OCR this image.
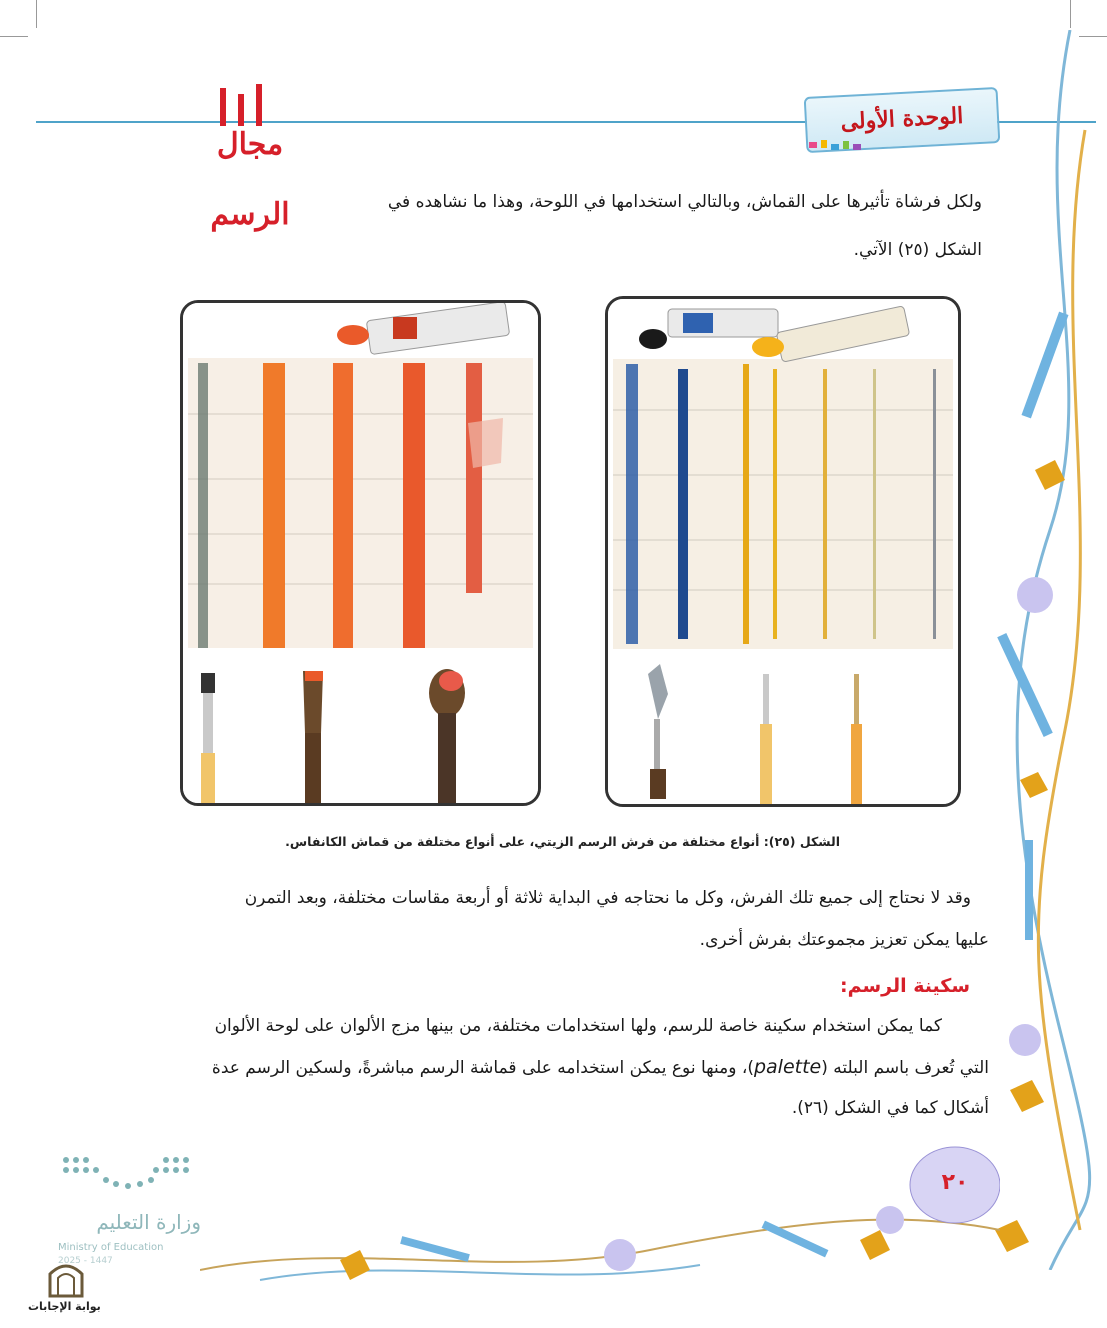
مجال الرسم
الوحدة الأولى
ولكل فرشاة تأثيرها على القماش، وبالتالي استخدامها في اللوحة، وهذا ما نشاهده في
الشكل (٢٥) الآتي.
الشكل (٢٥): أنواع مختلفة من فرش الرسم الزيتي، على أنواع مختلفة من قماش الكانفاس.
وقد لا نحتاج إلى جميع تلك الفرش، وكل ما نحتاجه في البداية ثلاثة أو أربعة مقاسات مختلفة، وبعد التمرن
عليها يمكن تعزيز مجموعتك بفرش أخرى.
سكينة الرسم:
كما يمكن استخدام سكينة خاصة للرسم، ولها استخدامات مختلفة، من بينها مزج الألوان على لوحة الألوان
التي تُعرف باسم البلته (palette)، ومنها نوع يمكن استخدامه على قماشة الرسم مباشرةً، ولسكين الرسم عدة
أشكال كما في الشكل (٢٦).
٢٠
وزارة التعليم
Ministry of Education
2025 - 1447
بوابة الإجابات
